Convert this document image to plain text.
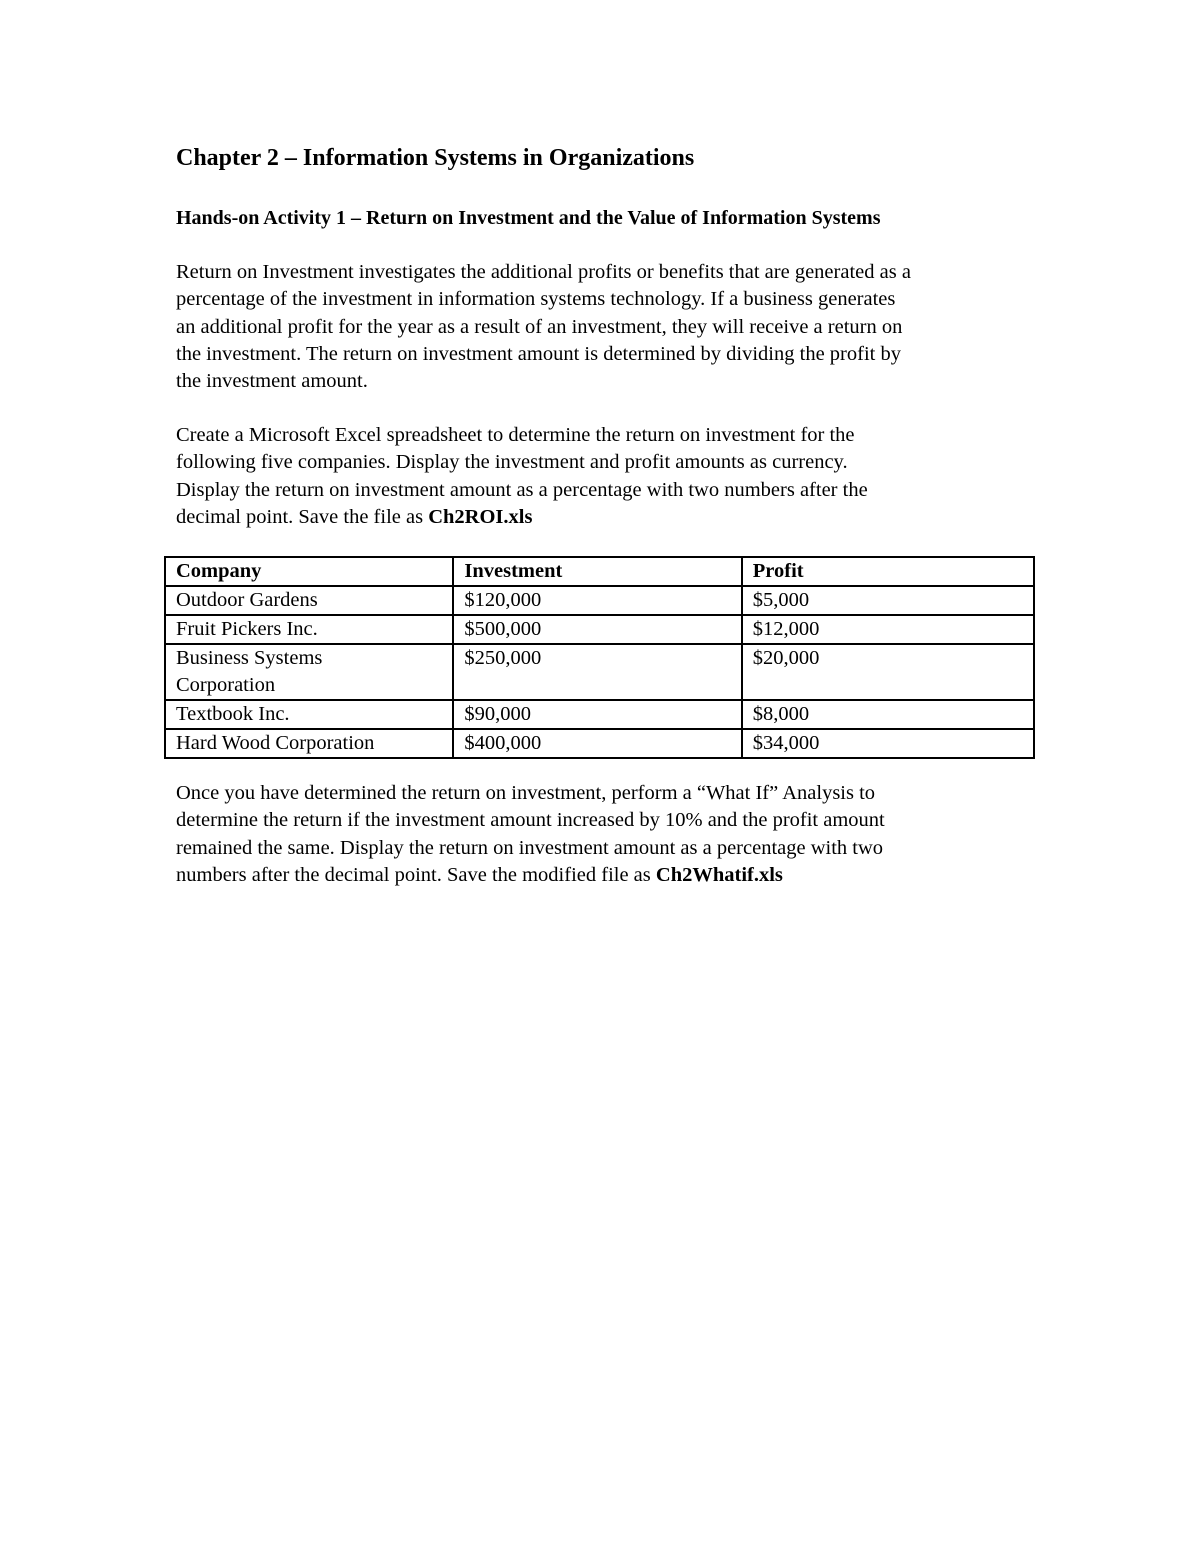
Chapter 2 – Information Systems in Organizations
Hands-on Activity 1 – Return on Investment and the Value of Information Systems

Return on Investment investigates the additional profits or benefits that are generated as a
percentage of the investment in information systems technology. If a business generates
an additional profit for the year as a result of an investment, they will receive a return on
the investment. The return on investment amount is determined by dividing the profit by
the investment amount.

Create a Microsoft Excel spreadsheet to determine the return on investment for the
following five companies. Display the investment and profit amounts as currency.
Display the return on investment amount as a percentage with two numbers after the
decimal point. Save the file as Ch2ROI.xls

Company	Investment	Profit
Outdoor Gardens	$120,000	$5,000
Fruit Pickers Inc.	$500,000	$12,000
Business Systems
Corporation	$250,000	$20,000
Textbook Inc.	$90,000	$8,000
Hard Wood Corporation	$400,000	$34,000

Once you have determined the return on investment, perform a “What If” Analysis to
determine the return if the investment amount increased by 10% and the profit amount
remained the same. Display the return on investment amount as a percentage with two
numbers after the decimal point. Save the modified file as Ch2Whatif.xls
